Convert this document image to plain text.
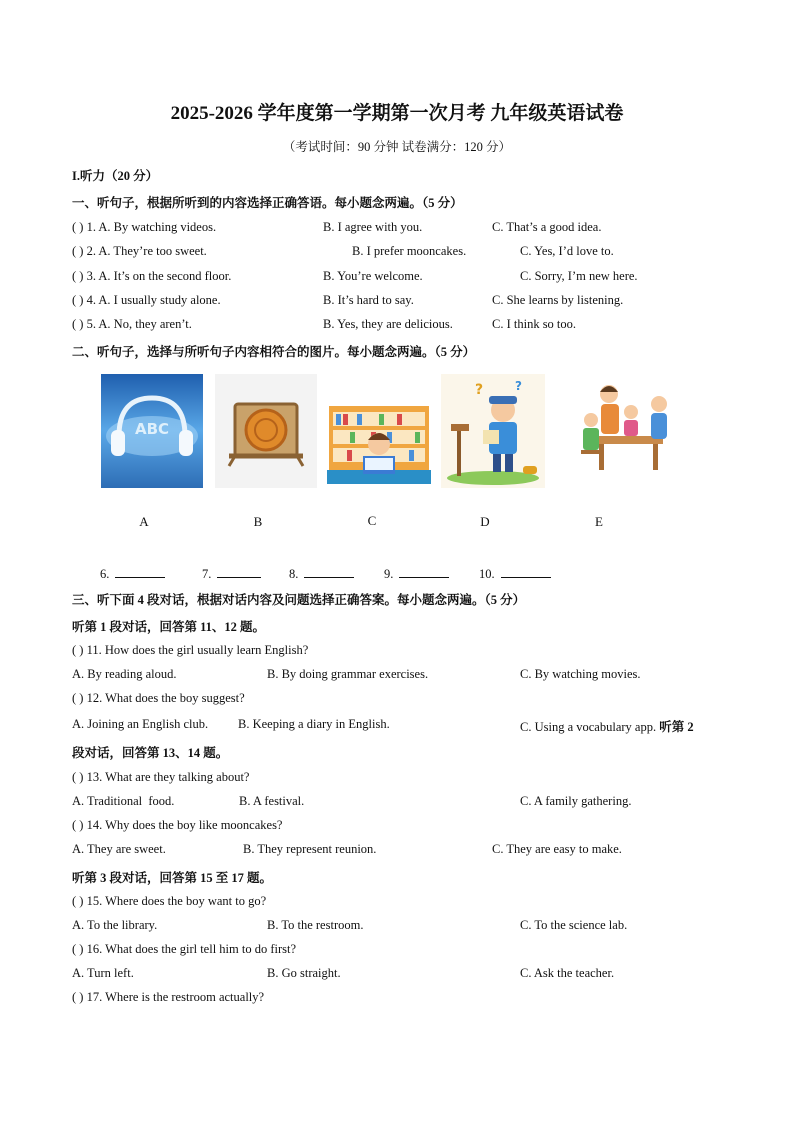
2025-2026 学年度第一学期第一次月考 九年级英语试卷
（考试时间：90 分钟 试卷满分：120 分）
I.听力（20 分）
一、听句子，根据所听到的内容选择正确答语。每小题念两遍。（5 分）
( ) 1. A. By watching videos.	B. I agree with you.	C. That’s a good idea.
( ) 2. A. They’re too sweet.	B. I prefer mooncakes.	C. Yes, I’d love to.
( ) 3. A. It’s on the second floor.	B. You’re welcome.	C. Sorry, I’m new here.
( ) 4. A. I usually study alone.	B. It’s hard to say.	C. She learns by listening.
( ) 5. A. No, they aren’t.	B. Yes, they are delicious.	C. I think so too.
二、听句子，选择与所听句子内容相符合的图片。每小题念两遍。（5 分）
ABC
?	?
A	B	C	D	E
6.	7.	8.	9.	10.
三、听下面 4 段对话，根据对话内容及问题选择正确答案。每小题念两遍。（5 分）
听第 1 段对话，回答第 11、12 题。
( ) 11. How does the girl usually learn English?
A. By reading aloud.	B. By doing grammar exercises.	C. By watching movies.
( ) 12. What does the boy suggest?
A. Joining an English club. B. Keeping a diary in English.	C. Using a vocabulary app. 听第 2
段对话，回答第 13、14 题。
( ) 13. What are they talking about?
A. Traditional  food.	B. A festival.	C. A family gathering.
( ) 14. Why does the boy like mooncakes?
A. They are sweet.	B. They represent reunion.	C. They are easy to make.
听第 3 段对话，回答第 15 至 17 题。
( ) 15. Where does the boy want to go?
A. To the library.	B. To the restroom.	C. To the science lab.
( ) 16. What does the girl tell him to do first?
A. Turn left.	B. Go straight.	C. Ask the teacher.
( ) 17. Where is the restroom actually?
